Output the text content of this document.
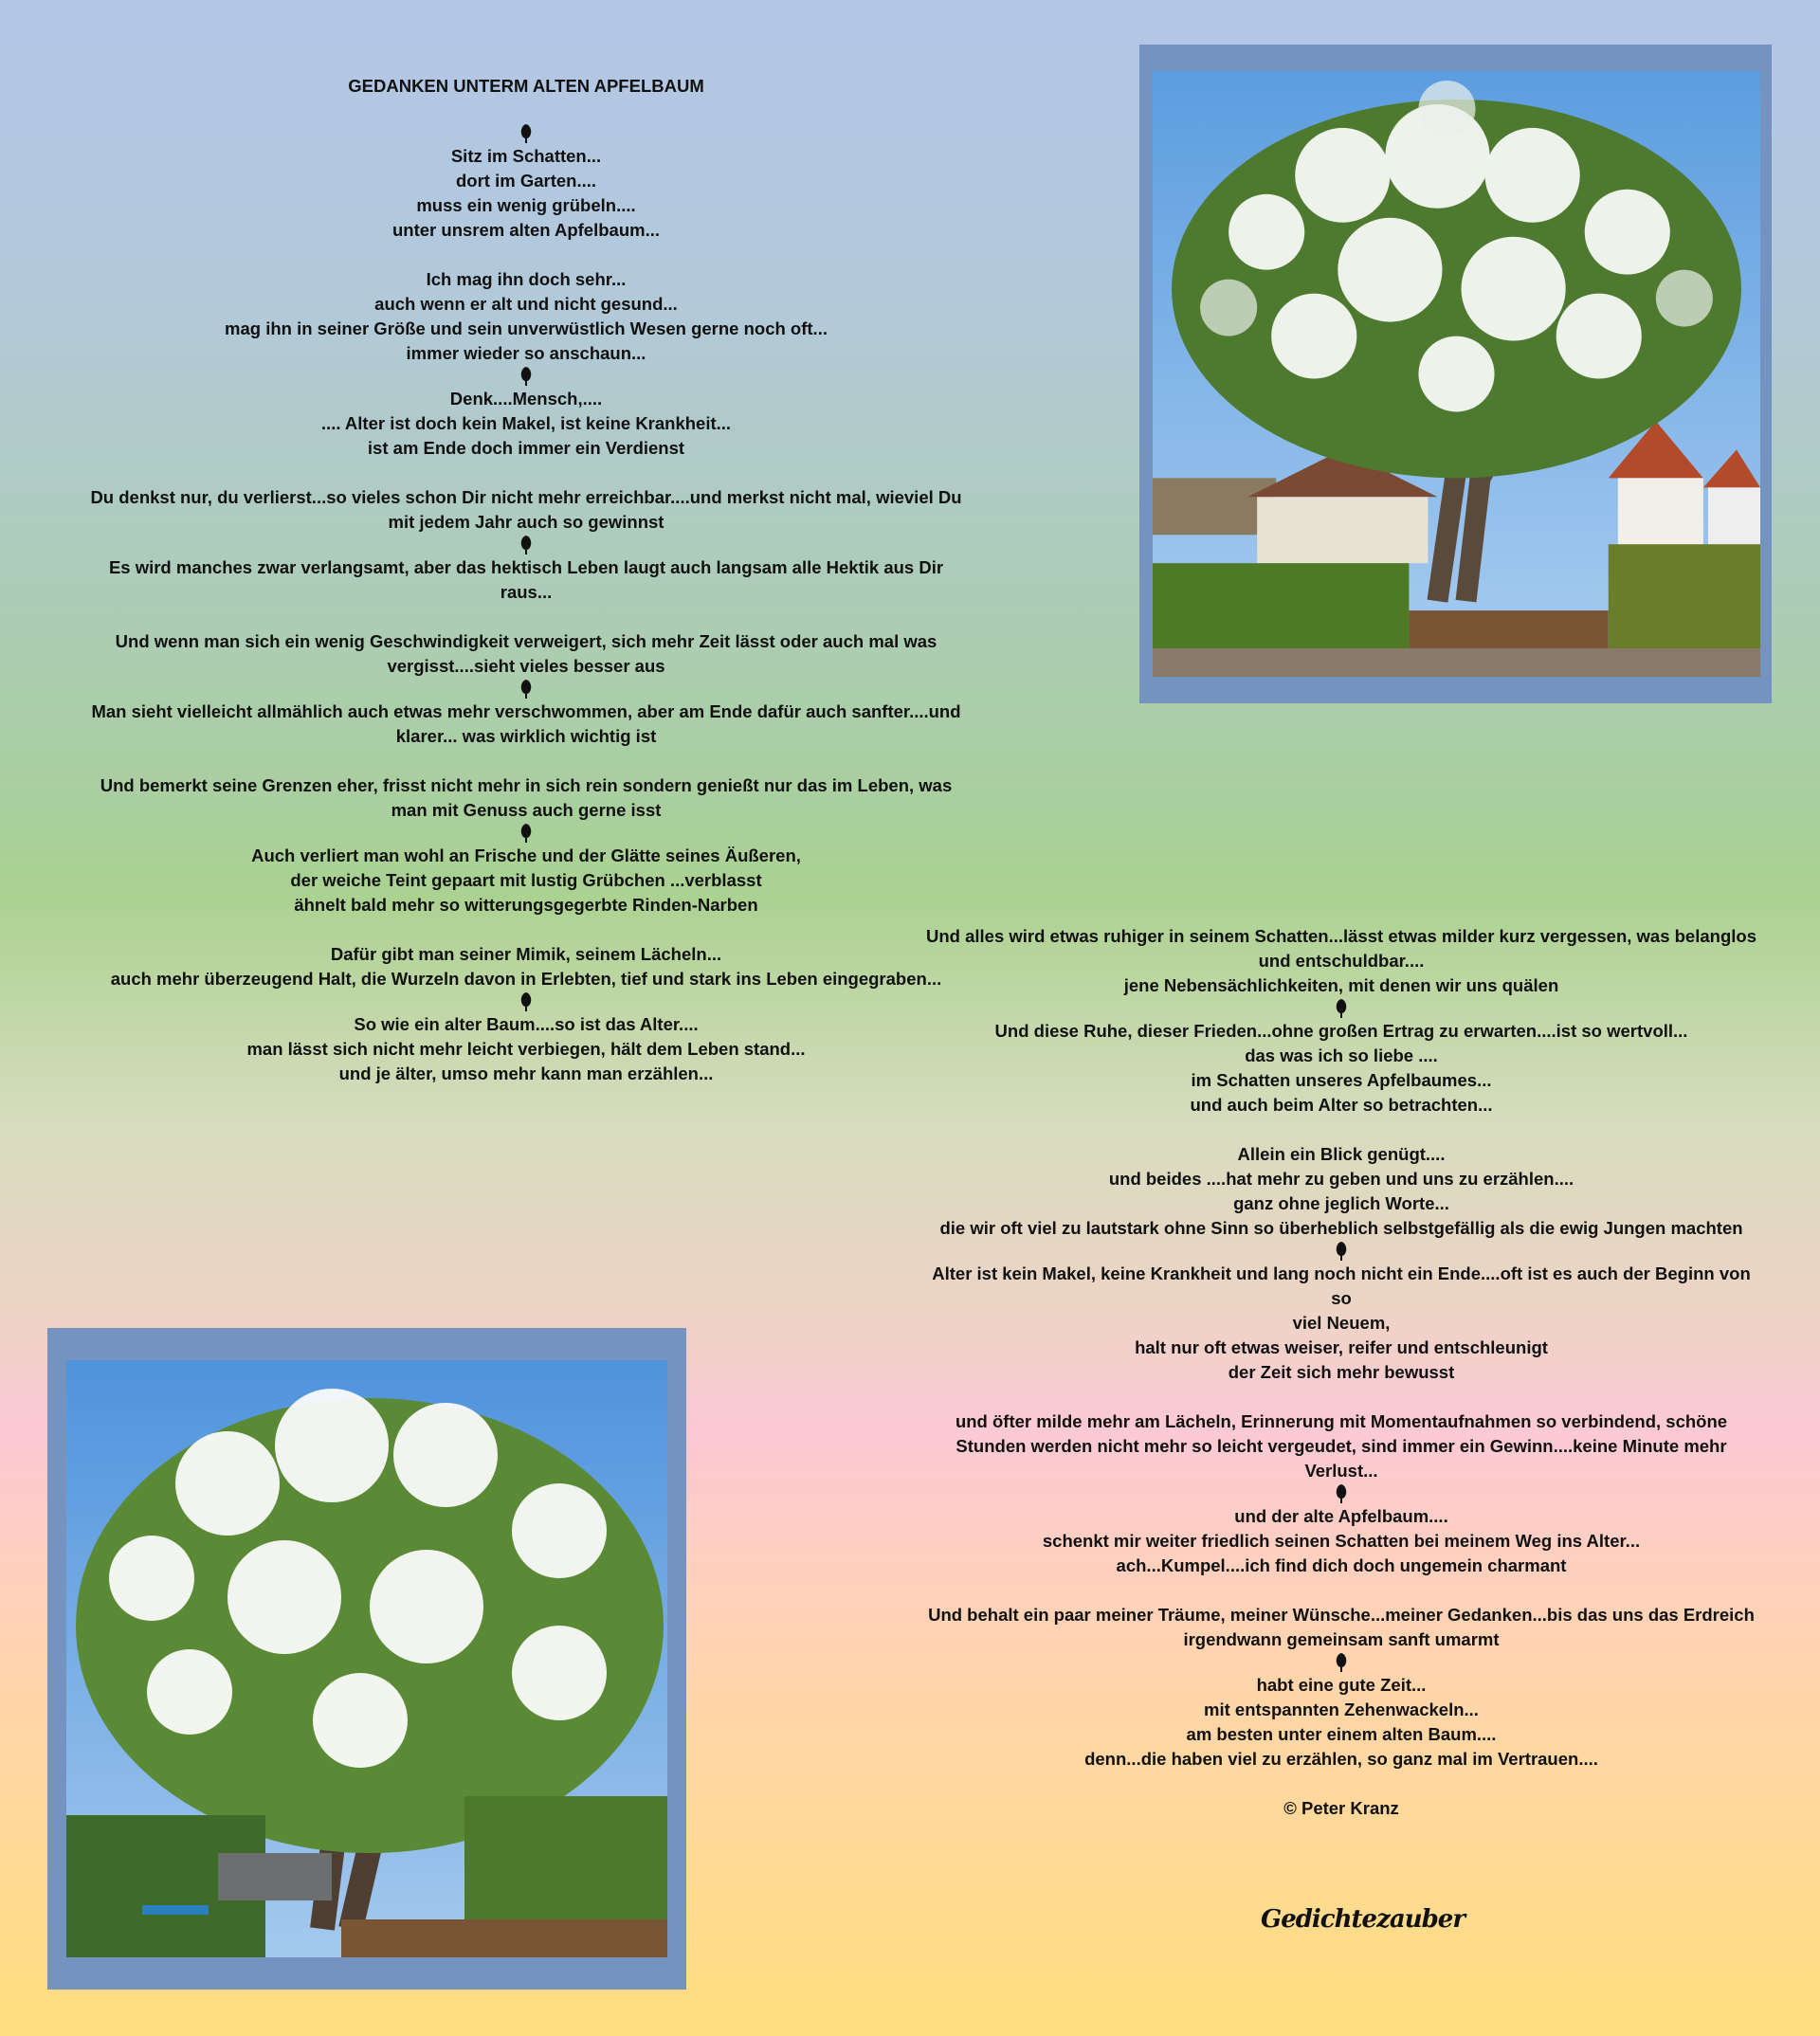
GEDANKEN UNTERM ALTEN APFELBAUM

Sitz im Schatten...

dort im Garten....

muss ein wenig grübeln....

unter unsrem alten Apfelbaum...

Ich mag ihn doch sehr...

auch wenn er alt und nicht gesund...

mag ihn in seiner Größe und sein unverwüstlich Wesen gerne noch oft...

immer wieder so anschaun...

Denk....Mensch,....

.... Alter ist doch kein Makel, ist keine Krankheit...

ist am Ende doch immer ein Verdienst

Du denkst nur, du verlierst...so vieles schon Dir nicht mehr erreichbar....und merkst nicht mal, wieviel Du

mit jedem Jahr auch so gewinnst

Es wird manches zwar verlangsamt, aber das hektisch Leben laugt auch langsam alle Hektik aus Dir

raus...

Und wenn man sich ein wenig Geschwindigkeit verweigert, sich mehr Zeit lässt oder auch mal was

vergisst....sieht vieles besser aus

Man sieht vielleicht allmählich auch etwas mehr verschwommen, aber am Ende dafür auch sanfter....und

klarer... was wirklich wichtig ist

Und bemerkt seine Grenzen eher, frisst nicht mehr in sich rein sondern genießt nur das im Leben, was

man mit Genuss auch gerne isst

Auch verliert man wohl an Frische und der Glätte seines Äußeren,

der weiche Teint gepaart mit lustig Grübchen ...verblasst

ähnelt bald mehr so witterungsgegerbte Rinden-Narben

Dafür gibt man seiner Mimik, seinem Lächeln...

auch mehr überzeugend Halt, die Wurzeln davon in Erlebten, tief und stark ins Leben eingegraben...

So wie ein alter Baum....so ist das Alter....

man lässt sich nicht mehr leicht verbiegen, hält dem Leben stand...

und je älter, umso mehr kann man erzählen...

Und alles wird etwas ruhiger in seinem Schatten...lässt etwas milder kurz vergessen, was belanglos

und entschuldbar....

jene Nebensächlichkeiten, mit denen wir uns quälen

Und diese Ruhe, dieser Frieden...ohne großen Ertrag zu erwarten....ist so wertvoll...

das was ich so liebe ....

im Schatten unseres Apfelbaumes...

und auch beim Alter so betrachten...

Allein ein Blick genügt....

und beides ....hat mehr zu geben und uns zu erzählen....

ganz ohne jeglich Worte...

die wir oft viel zu lautstark ohne Sinn so überheblich selbstgefällig als die ewig Jungen machten

Alter ist kein Makel, keine Krankheit und lang noch nicht ein Ende....oft ist es auch der Beginn von so

viel Neuem,

halt nur oft etwas weiser, reifer und entschleunigt

der Zeit sich mehr bewusst

und öfter milde mehr am Lächeln, Erinnerung mit Momentaufnahmen so verbindend, schöne

Stunden werden nicht mehr so leicht vergeudet, sind immer ein Gewinn....keine Minute mehr

Verlust...

und der alte Apfelbaum....

schenkt mir weiter friedlich seinen Schatten bei meinem Weg ins Alter...

ach...Kumpel....ich find dich doch ungemein charmant

Und behalt ein paar meiner Träume, meiner Wünsche...meiner Gedanken...bis das uns das Erdreich

irgendwann gemeinsam sanft umarmt

habt eine gute Zeit...

mit entspannten Zehenwackeln...

am besten unter einem alten Baum....

denn...die haben viel zu erzählen, so ganz mal im Vertrauen....

© Peter Kranz

Gedichtezauber
